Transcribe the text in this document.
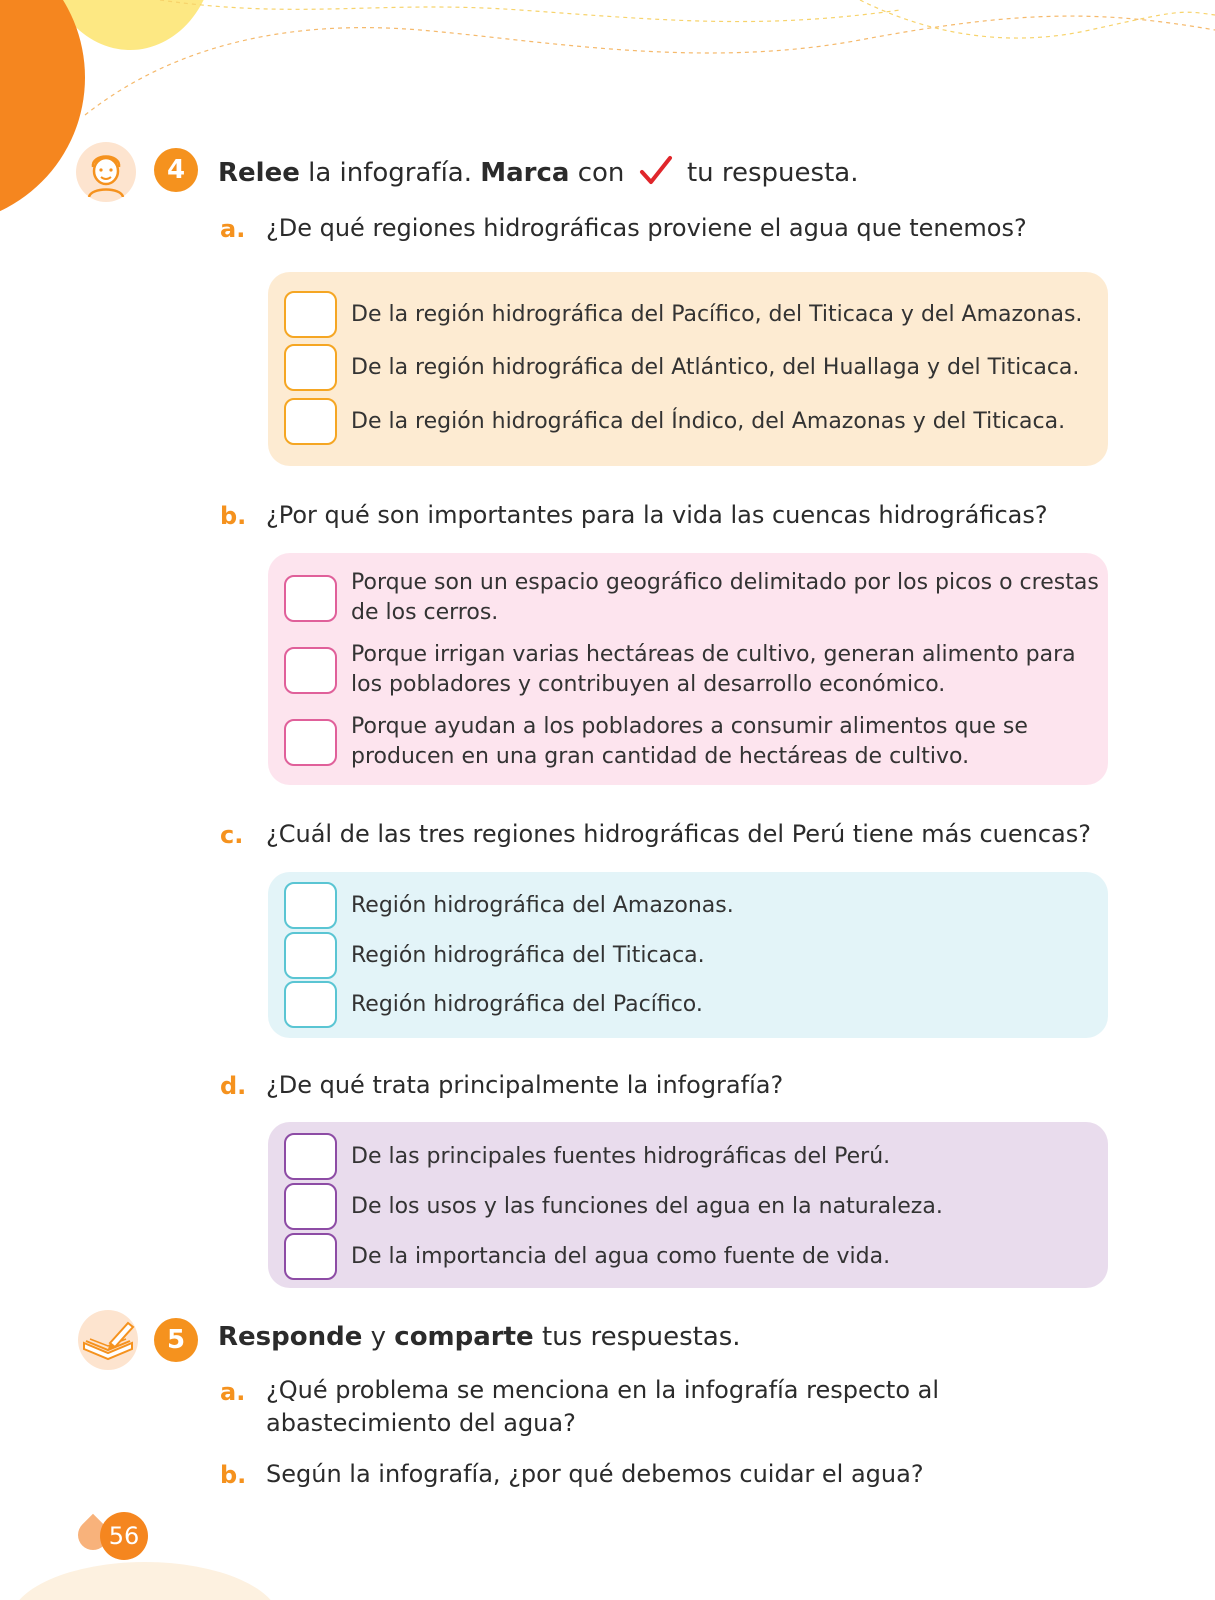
4	Relee la infografía. Marca con tu respuesta.
a. ¿De qué regiones hidrográficas proviene el agua que tenemos?
De la región hidrográfica del Pacífico, del Titicaca y del Amazonas.
De la región hidrográfica del Atlántico, del Huallaga y del Titicaca.
De la región hidrográfica del Índico, del Amazonas y del Titicaca.
b. ¿Por qué son importantes para la vida las cuencas hidrográficas?
Porque son un espacio geográfico delimitado por los picos o crestas de los cerros.
Porque irrigan varias hectáreas de cultivo, generan alimento para los pobladores y contribuyen al desarrollo económico.
Porque ayudan a los pobladores a consumir alimentos que se producen en una gran cantidad de hectáreas de cultivo.
c. ¿Cuál de las tres regiones hidrográficas del Perú tiene más cuencas?
Región hidrográfica del Amazonas.
Región hidrográfica del Titicaca.
Región hidrográfica del Pacífico.
d. ¿De qué trata principalmente la infografía?
De las principales fuentes hidrográficas del Perú.
De los usos y las funciones del agua en la naturaleza.
De la importancia del agua como fuente de vida.
5	Responde y comparte tus respuestas.
a. ¿Qué problema se menciona en la infografía respecto al abastecimiento del agua?
b. Según la infografía, ¿por qué debemos cuidar el agua?
56
